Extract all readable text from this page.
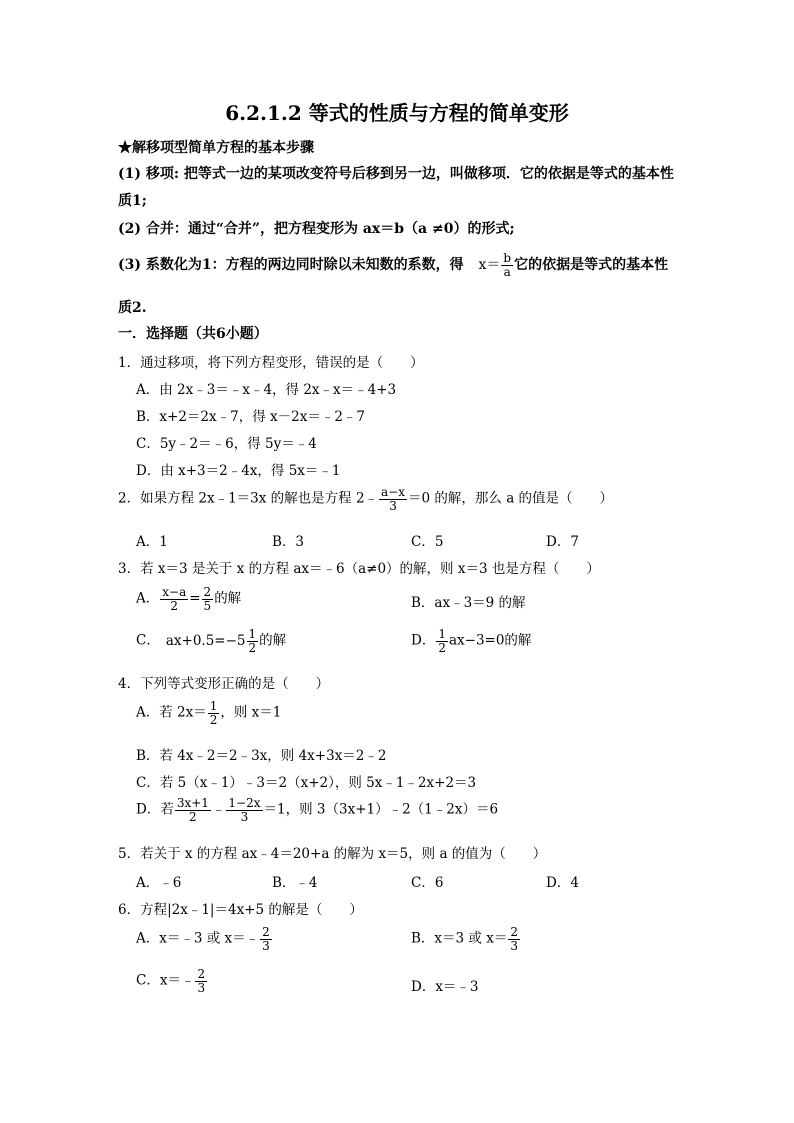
6.2.1.2 等式的性质与方程的简单变形
★解移项型简单方程的基本步骤
(1) 移项: 把等式一边的某项改变符号后移到另一边，叫做移项．它的依据是等式的基本性
质1;
(2) 合并：通过“合并”，把方程变形为 ax＝b（a ≠0）的形式;
(3) 系数化为1：方程的两边同时除以未知数的系数，得 $x= \frac{b}{a}$ 它的依据是等式的基本性
质2.
一．选择题（共6小题）
1．通过移项，将下列方程变形，错误的是（　　）
A．由 2x﹣3＝﹣x﹣4，得 2x﹣x＝﹣4+3
B．x+2＝2x﹣7，得 x－2x＝﹣2﹣7
C．5y﹣2＝﹣6，得 5y＝﹣4
D．由 x+3＝2﹣4x，得 5x＝﹣1
2．如果方程 2x﹣1＝3x 的解也是方程 2﹣ $\frac{a-x}{3} =0$ 的解，那么 a 的值是（　　）
A．1	B．3	C．5	D．7
3．若 x＝3 是关于 x 的方程 ax＝﹣6（a≠0）的解，则 x＝3 也是方程（　　）
A． $\frac{x-a}{2} = \frac{2}{5}$ 的解	B．ax﹣3＝9 的解
C． $ax+0.5=-5 \frac{1}{2}$ 的解	D． $\frac{1}{2} ax-3=0$的解
4．下列等式变形正确的是（　　）
A．若 $2x= \frac{1}{2}$ ，则 x＝1
B．若 4x﹣2＝2﹣3x，则 4x+3x＝2﹣2
C．若 5（x﹣1）﹣3＝2（x+2），则 5x﹣1﹣2x+2＝3
D．若 $\frac{3x+1}{2}$ ﹣ $\frac{1-2x}{3} =1$，则 3（3x+1）﹣2（1﹣2x）＝6
5．若关于 x 的方程 ax﹣4＝20+a 的解为 x＝5，则 a 的值为（　　）
A．﹣6	B．﹣4	C．6	D．4
6．方程|2x﹣1|＝4x+5 的解是（　　）
A．x＝﹣3 或 x＝﹣ $\frac{2}{3}$	B．x＝3 或 $x= \frac{2}{3}$
C．x＝﹣ $\frac{2}{3}$	D．x＝﹣3
